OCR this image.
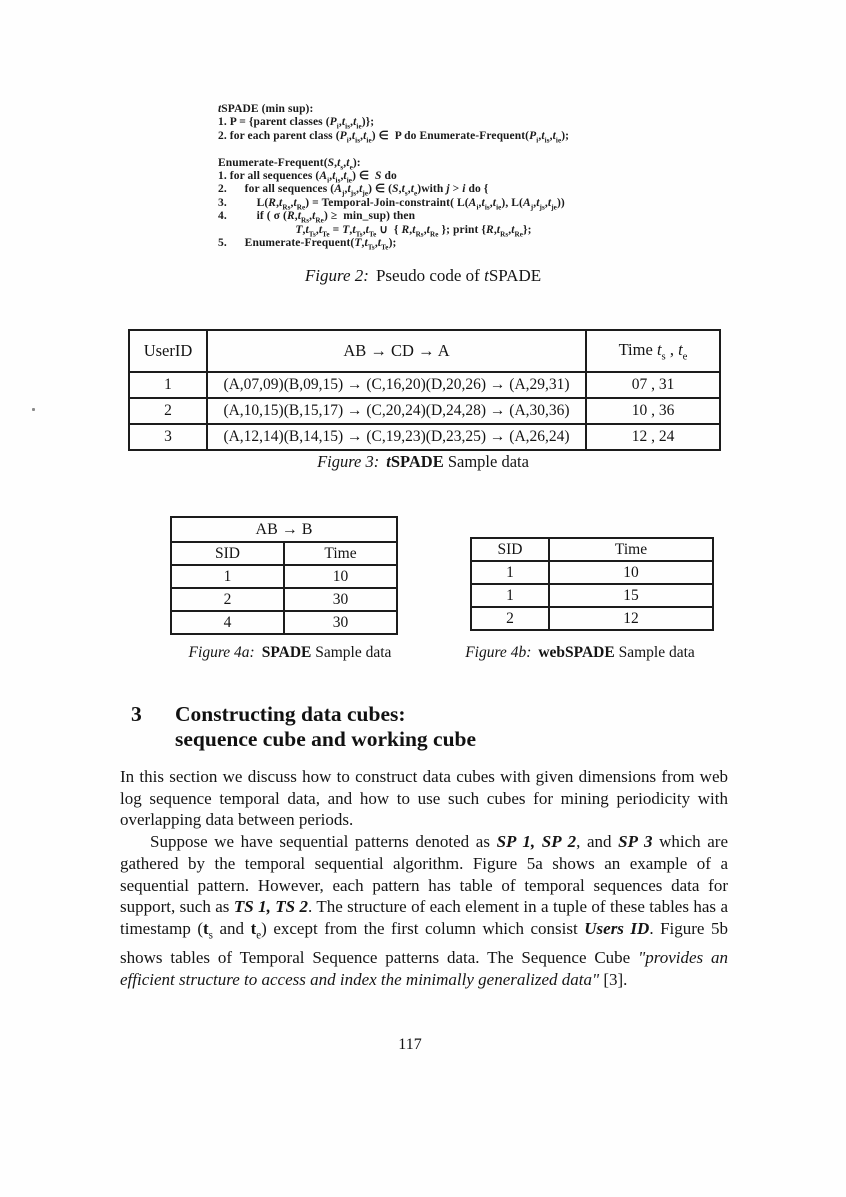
tSPADE (min sup):
1. P = {parent classes $(P_i,t_{is},t_{ie})$};
2. for each parent class $(P_i,t_{is},t_{ie})$ ∈  P do Enumerate-$Frequent(P_i,t_{is},t_{ie})$;
Enumerate-$Frequent(S,t_s,t_e)$:
1. for all sequences $(A_i,t_{is},t_{ie})$ ∈  S do
2.      for all sequences $(A_j,t_{js},t_{je})$ ∈ $(S,t_s,t_e)with$ j > i do {
3.          $L(R,t_{Rs},t_{Re})$ = Temporal-Join-constraint( $L(A_i,t_{is},t_{ie})$, $L(A_j,t_{js},t_{je})$)
4.          if ( σ $(R,t_{Rs},t_{Re})$ ≥  min_sup) then
$T,t_{Ts},t_{Te} = T,t_{Ts},t_{Te}$ ∪  { $R,t_{Rs},t_{Re}$ }; print $\{R,t_{Rs},t_{Re}\}$;
5.      Enumerate-$Frequent(T,t_{Ts},t_{Te})$;
Figure 2: Pseudo code of tSPADE
UserID	AB → CD → A	Time $t_s$ , $t_e$
1	(A,07,09)(B,09,15) → (C,16,20)(D,20,26) → (A,29,31)	07 , 31
2	(A,10,15)(B,15,17) → (C,20,24)(D,24,28) → (A,30,36)	10 , 36
3	(A,12,14)(B,14,15) → (C,19,23)(D,23,25) → (A,26,24)	12 , 24
Figure 3: tSPADE Sample data
AB → B	
SID	Time
1	10
2	30
4	30
SID	Time
1	10
1	15
2	12
Figure 4a: SPADE Sample data	Figure 4b: webSPADE Sample data
3	Constructing data cubes:
sequence cube and working cube

In this section we discuss how to construct data cubes with given dimensions from web log sequence temporal data, and how to use such cubes for mining periodicity with overlapping data between periods.

Suppose we have sequential patterns denoted as SP 1, SP 2, and SP 3 which are gathered by the temporal sequential algorithm. Figure 5a shows an example of a sequential pattern. However, each pattern has table of temporal sequences data for support, such as TS 1, TS 2. The structure of each element in a tuple of these tables has a timestamp ($t_s$ and $t_e$) except from the first column which consist Users ID. Figure 5b shows tables of Temporal Sequence patterns data. The Sequence Cube "provides an efficient structure to access and index the minimally generalized data" [3].

117
